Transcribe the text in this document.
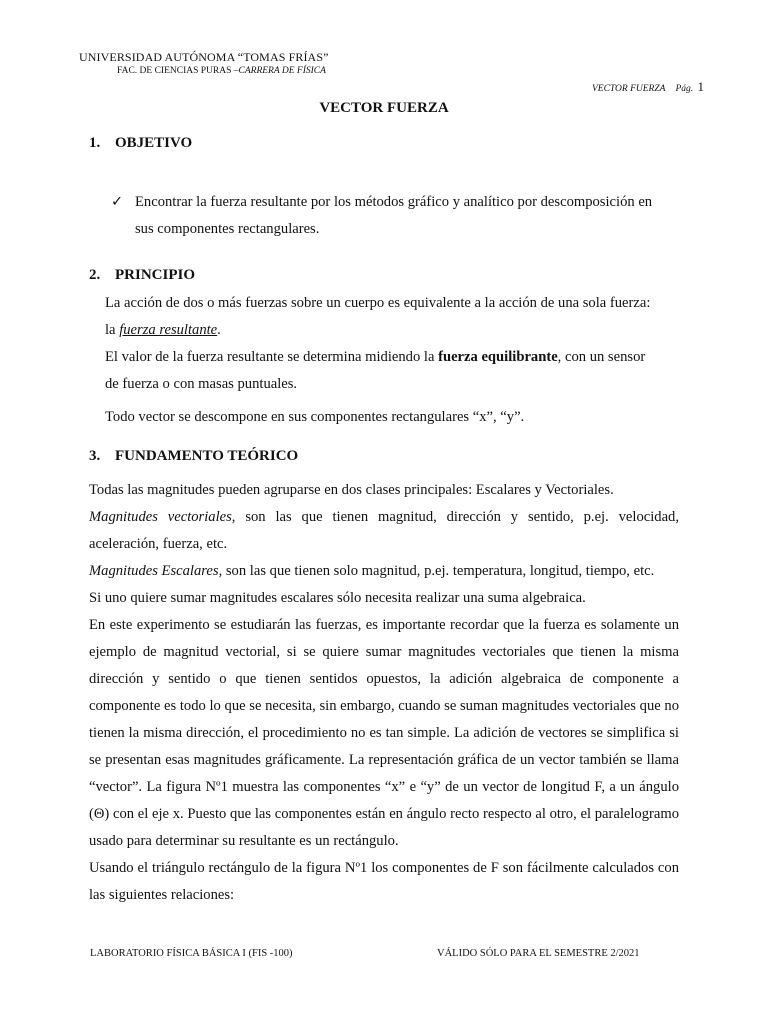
UNIVERSIDAD AUTÓNOMA “TOMAS FRÍAS”
FAC. DE CIENCIAS PURAS –CARRERA DE FÍSICA
VECTOR FUERZA Pág. 1
VECTOR FUERZA
1. OBJETIVO
✓ Encontrar la fuerza resultante por los métodos gráfico y analítico por descomposición en
sus componentes rectangulares.
2. PRINCIPIO
La acción de dos o más fuerzas sobre un cuerpo es equivalente a la acción de una sola fuerza:
la fuerza resultante.
El valor de la fuerza resultante se determina midiendo la fuerza equilibrante, con un sensor
de fuerza o con masas puntuales.
Todo vector se descompone en sus componentes rectangulares “x”, “y”.
3. FUNDAMENTO TEÓRICO

Todas las magnitudes pueden agruparse en dos clases principales: Escalares y Vectoriales.

Magnitudes vectoriales, son las que tienen magnitud, dirección y sentido, p.ej. velocidad, aceleración, fuerza, etc.

Magnitudes Escalares, son las que tienen solo magnitud, p.ej. temperatura, longitud, tiempo, etc.

Si uno quiere sumar magnitudes escalares sólo necesita realizar una suma algebraica.

En este experimento se estudiarán las fuerzas, es importante recordar que la fuerza es solamente un ejemplo de magnitud vectorial, si se quiere sumar magnitudes vectoriales que tienen la misma dirección y sentido o que tienen sentidos opuestos, la adición algebraica de componente a componente es todo lo que se necesita, sin embargo, cuando se suman magnitudes vectoriales que no tienen la misma dirección, el procedimiento no es tan simple. La adición de vectores se simplifica si se presentan esas magnitudes gráficamente. La representación gráfica de un vector también se llama “vector”. La figura Nº1 muestra las componentes “x” e “y” de un vector de longitud F, a un ángulo (Θ) con el eje x. Puesto que las componentes están en ángulo recto respecto al otro, el paralelogramo usado para determinar su resultante es un rectángulo.

Usando el triángulo rectángulo de la figura Nº1 los componentes de F son fácilmente calculados con las siguientes relaciones:

LABORATORIO FÍSICA BÁSICA I (FIS -100)	VÁLIDO SÓLO PARA EL SEMESTRE 2/2021
